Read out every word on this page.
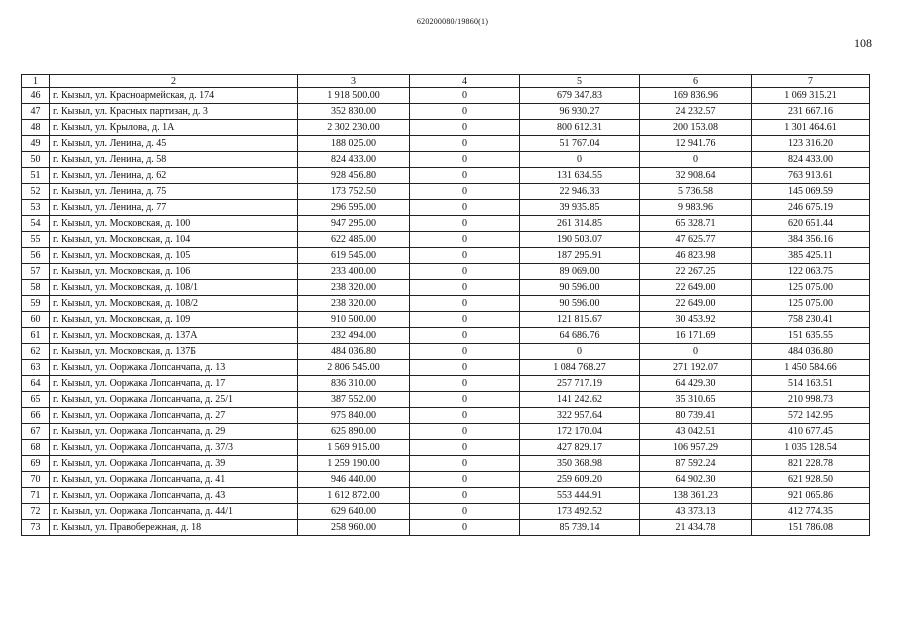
620200080/19860(1)
108
1	2	3	4	5	6	7
46	г. Кызыл, ул. Красноармейская, д. 174	1 918 500.00	0	679 347.83	169 836.96	1 069 315.21
47	г. Кызыл, ул. Красных партизан, д. 3	352 830.00	0	96 930.27	24 232.57	231 667.16
48	г. Кызыл, ул. Крылова, д. 1А	2 302 230.00	0	800 612.31	200 153.08	1 301 464.61
49	г. Кызыл, ул. Ленина, д. 45	188 025.00	0	51 767.04	12 941.76	123 316.20
50	г. Кызыл, ул. Ленина, д. 58	824 433.00	0	0	0	824 433.00
51	г. Кызыл, ул. Ленина, д. 62	928 456.80	0	131 634.55	32 908.64	763 913.61
52	г. Кызыл, ул. Ленина, д. 75	173 752.50	0	22 946.33	5 736.58	145 069.59
53	г. Кызыл, ул. Ленина, д. 77	296 595.00	0	39 935.85	9 983.96	246 675.19
54	г. Кызыл, ул. Московская, д. 100	947 295.00	0	261 314.85	65 328.71	620 651.44
55	г. Кызыл, ул. Московская, д. 104	622 485.00	0	190 503.07	47 625.77	384 356.16
56	г. Кызыл, ул. Московская, д. 105	619 545.00	0	187 295.91	46 823.98	385 425.11
57	г. Кызыл, ул. Московская, д. 106	233 400.00	0	89 069.00	22 267.25	122 063.75
58	г. Кызыл, ул. Московская, д. 108/1	238 320.00	0	90 596.00	22 649.00	125 075.00
59	г. Кызыл, ул. Московская, д. 108/2	238 320.00	0	90 596.00	22 649.00	125 075.00
60	г. Кызыл, ул. Московская, д. 109	910 500.00	0	121 815.67	30 453.92	758 230.41
61	г. Кызыл, ул. Московская, д. 137А	232 494.00	0	64 686.76	16 171.69	151 635.55
62	г. Кызыл, ул. Московская, д. 137Б	484 036.80	0	0	0	484 036.80
63	г. Кызыл, ул. Ооржака Лопсанчапа, д. 13	2 806 545.00	0	1 084 768.27	271 192.07	1 450 584.66
64	г. Кызыл, ул. Ооржака Лопсанчапа, д. 17	836 310.00	0	257 717.19	64 429.30	514 163.51
65	г. Кызыл, ул. Ооржака Лопсанчапа, д. 25/1	387 552.00	0	141 242.62	35 310.65	210 998.73
66	г. Кызыл, ул. Ооржака Лопсанчапа, д. 27	975 840.00	0	322 957.64	80 739.41	572 142.95
67	г. Кызыл, ул. Ооржака Лопсанчапа, д. 29	625 890.00	0	172 170.04	43 042.51	410 677.45
68	г. Кызыл, ул. Ооржака Лопсанчапа, д. 37/3	1 569 915.00	0	427 829.17	106 957.29	1 035 128.54
69	г. Кызыл, ул. Ооржака Лопсанчапа, д. 39	1 259 190.00	0	350 368.98	87 592.24	821 228.78
70	г. Кызыл, ул. Ооржака Лопсанчапа, д. 41	946 440.00	0	259 609.20	64 902.30	621 928.50
71	г. Кызыл, ул. Ооржака Лопсанчапа, д. 43	1 612 872.00	0	553 444.91	138 361.23	921 065.86
72	г. Кызыл, ул. Ооржака Лопсанчапа, д. 44/1	629 640.00	0	173 492.52	43 373.13	412 774.35
73	г. Кызыл, ул. Правобережная, д. 18	258 960.00	0	85 739.14	21 434.78	151 786.08
